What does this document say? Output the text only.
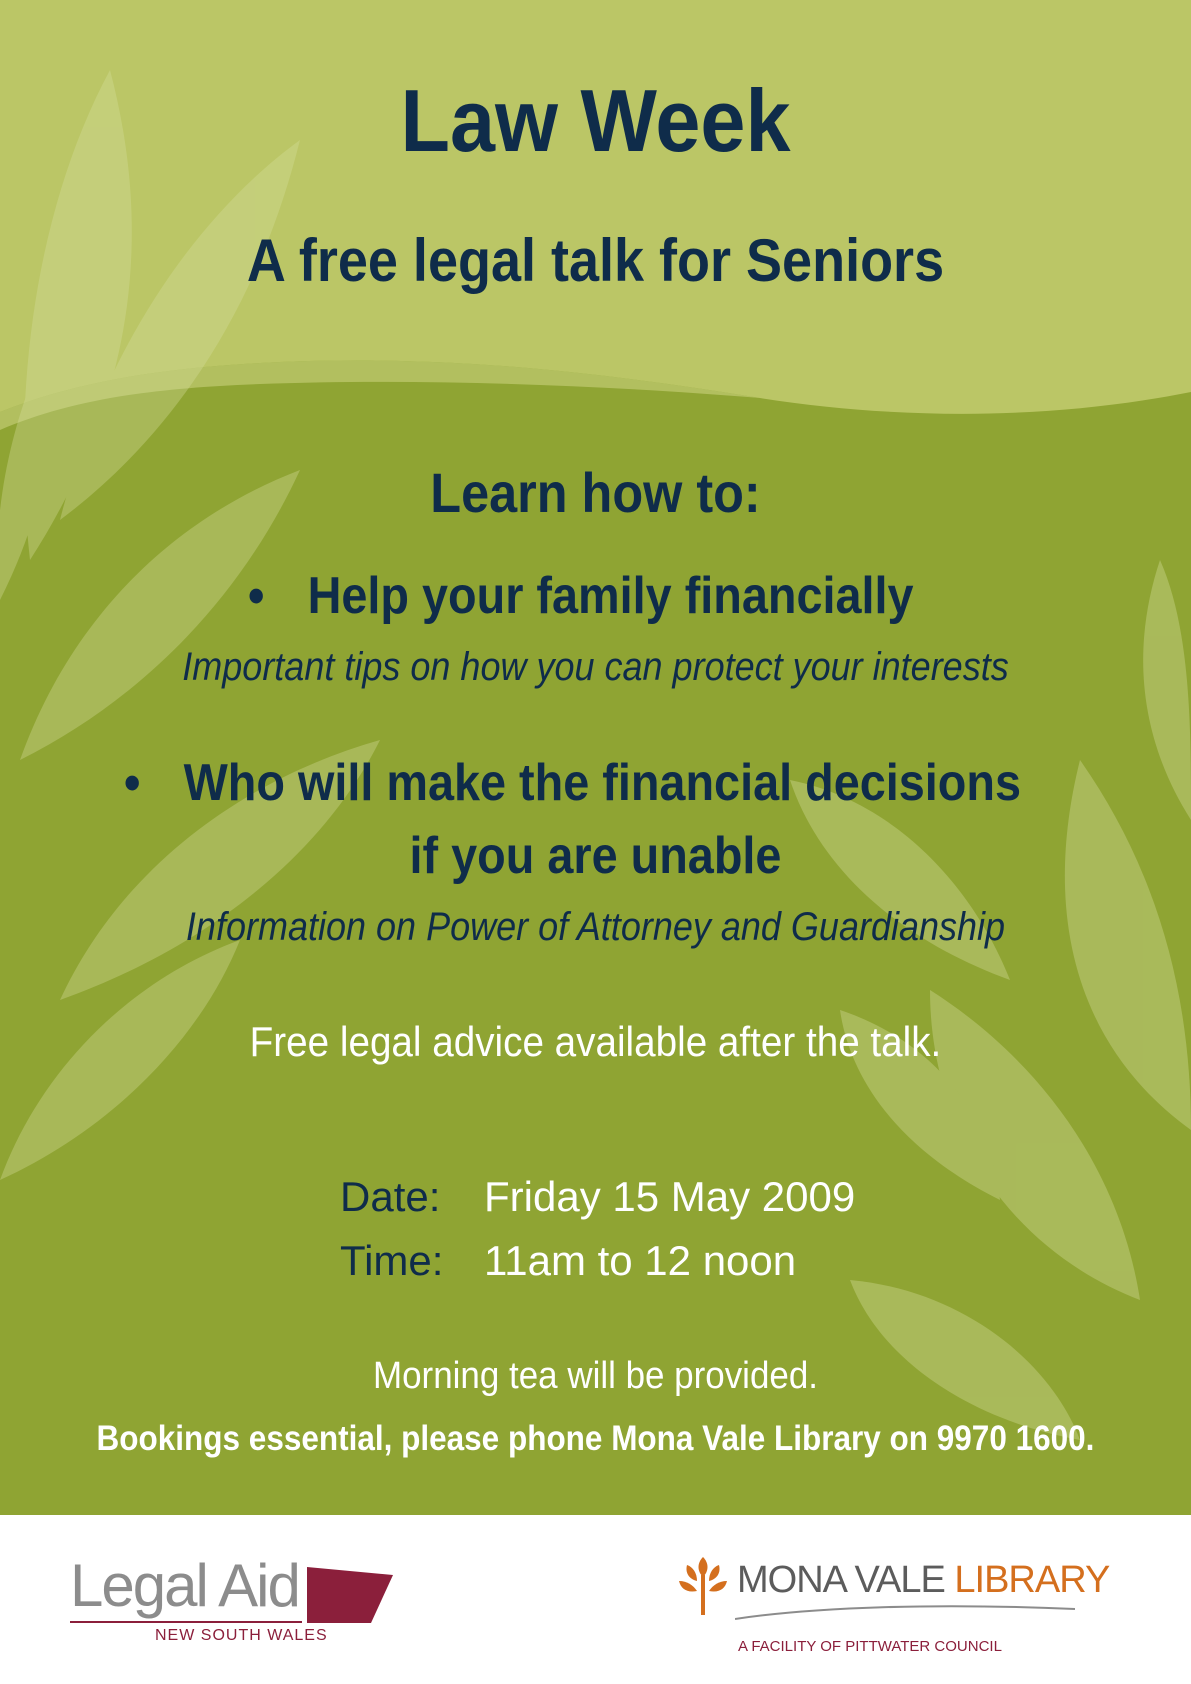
Law Week
A free legal talk for Seniors
Learn how to:
• Help your family financially
Important tips on how you can protect your interests
• Who will make the financial decisions
if you are unable
Information on Power of Attorney and Guardianship
Free legal advice available after the talk.
Date: Friday 15 May 2009
Time: 11am to 12 noon
Morning tea will be provided.
Bookings essential, please phone Mona Vale Library on 9970 1600.
Legal Aid
NEW SOUTH WALES
MONA VALE LIBRARY
A FACILITY OF PITTWATER COUNCIL
